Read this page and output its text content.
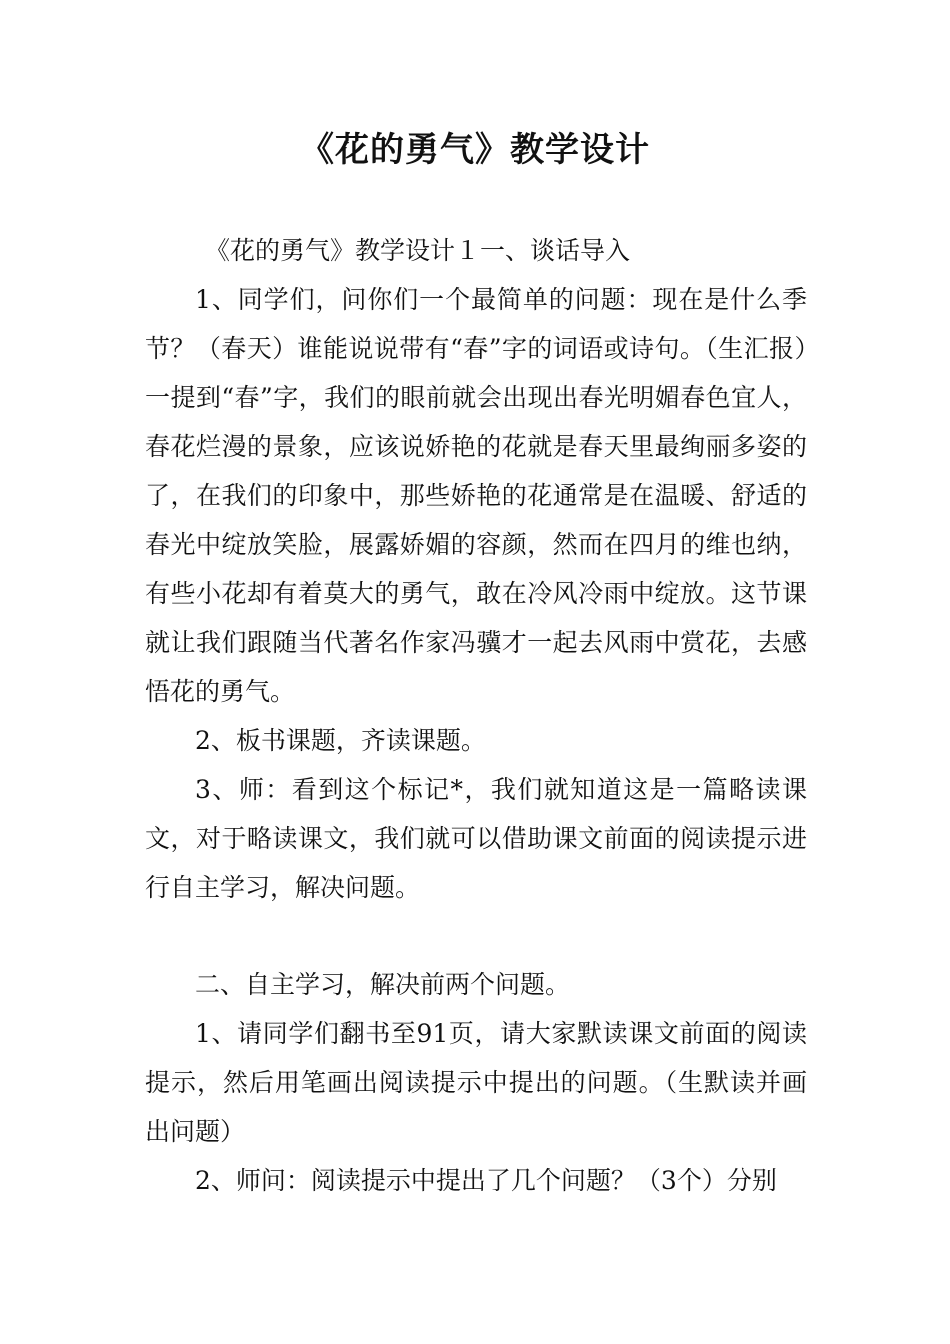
《花的勇气》教学设计

《花的勇气》教学设计１一、谈话导入

1、同学们，问你们一个最简单的问题：现在是什么季节？（春天）谁能说说带有“春”字的词语或诗句。（生汇报）一提到“春”字，我们的眼前就会出现出春光明媚春色宜人，春花烂漫的景象，应该说娇艳的花就是春天里最绚丽多姿的了，在我们的印象中，那些娇艳的花通常是在温暖、舒适的春光中绽放笑脸，展露娇媚的容颜，然而在四月的维也纳，有些小花却有着莫大的勇气，敢在冷风冷雨中绽放。这节课就让我们跟随当代著名作家冯骥才一起去风雨中赏花，去感悟花的勇气。

2、板书课题，齐读课题。

3、师：看到这个标记*，我们就知道这是一篇略读课文，对于略读课文，我们就可以借助课文前面的阅读提示进行自主学习，解决问题。

二、自主学习，解决前两个问题。

1、请同学们翻书至91页，请大家默读课文前面的阅读提示，然后用笔画出阅读提示中提出的问题。（生默读并画出问题）

2、师问：阅读提示中提出了几个问题？（3个）分别
